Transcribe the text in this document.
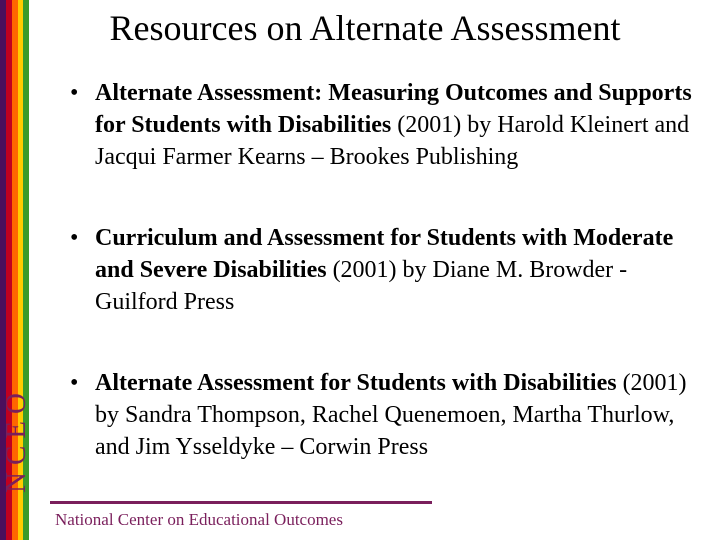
NCEO
Resources on Alternate Assessment
• Alternate Assessment: Measuring Outcomes and Supports for Students with Disabilities (2001) by Harold Kleinert and Jacqui Farmer Kearns – Brookes Publishing
• Curriculum and Assessment for Students with Moderate and Severe Disabilities (2001) by Diane M. Browder - Guilford Press
• Alternate Assessment for Students with Disabilities (2001) by Sandra Thompson, Rachel Quenemoen, Martha Thurlow, and Jim Ysseldyke – Corwin Press
National Center on Educational Outcomes
